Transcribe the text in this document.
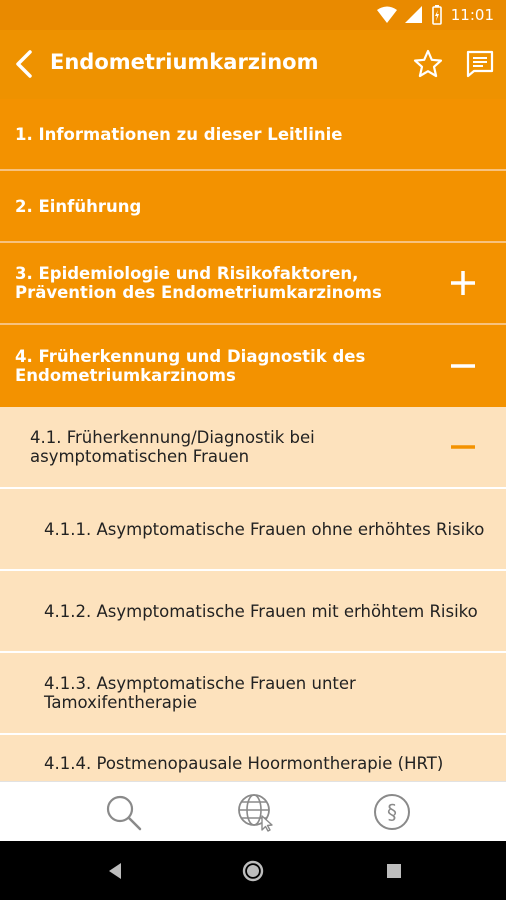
11:01
Endometriumkarzinom
1. Informationen zu dieser Leitlinie
2. Einführung
3. Epidemiologie und Risikofaktoren, Prävention des Endometriumkarzinoms
4. Früherkennung und Diagnostik des Endometriumkarzinoms
4.1. Früherkennung/Diagnostik bei asymptomatischen Frauen
4.1.1. Asymptomatische Frauen ohne erhöhtes Risiko
4.1.2. Asymptomatische Frauen mit erhöhtem Risiko
4.1.3. Asymptomatische Frauen unter Tamoxifentherapie
4.1.4. Postmenopausale Hoormontherapie (HRT)
§
